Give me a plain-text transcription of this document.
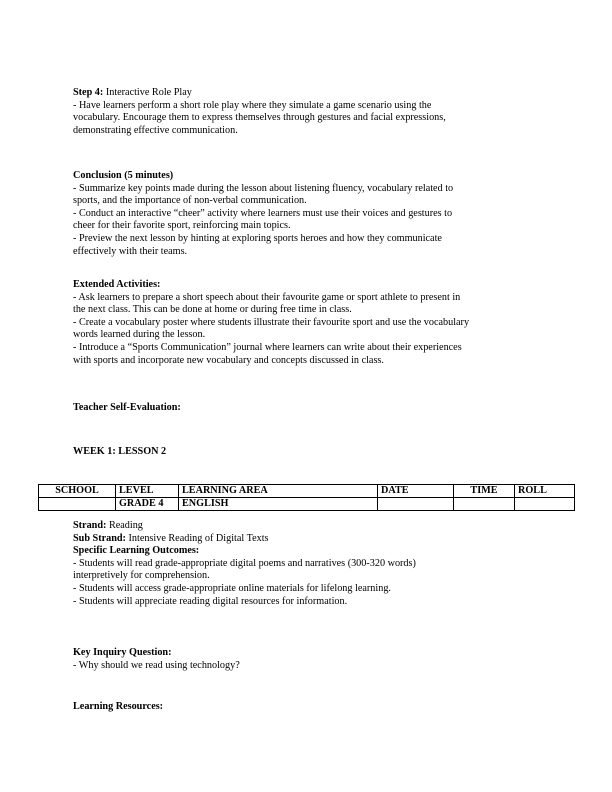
Step 4: Interactive Role Play
- Have learners perform a short role play where they simulate a game scenario using the
vocabulary. Encourage them to express themselves through gestures and facial expressions,
demonstrating effective communication.
Conclusion (5 minutes)
- Summarize key points made during the lesson about listening fluency, vocabulary related to
sports, and the importance of non-verbal communication.
- Conduct an interactive “cheer” activity where learners must use their voices and gestures to
cheer for their favorite sport, reinforcing main topics.
- Preview the next lesson by hinting at exploring sports heroes and how they communicate
effectively with their teams.
Extended Activities:
- Ask learners to prepare a short speech about their favourite game or sport athlete to present in
the next class. This can be done at home or during free time in class.
- Create a vocabulary poster where students illustrate their favourite sport and use the vocabulary
words learned during the lesson.
- Introduce a “Sports Communication” journal where learners can write about their experiences
with sports and incorporate new vocabulary and concepts discussed in class.
Teacher Self-Evaluation:
WEEK 1: LESSON 2
SCHOOL	LEVEL	LEARNING AREA	DATE	TIME	ROLL
	GRADE 4	ENGLISH			
Strand: Reading
Sub Strand: Intensive Reading of Digital Texts
Specific Learning Outcomes:
- Students will read grade-appropriate digital poems and narratives (300-320 words)
interpretively for comprehension.
- Students will access grade-appropriate online materials for lifelong learning.
- Students will appreciate reading digital resources for information.
Key Inquiry Question:
- Why should we read using technology?
Learning Resources:
